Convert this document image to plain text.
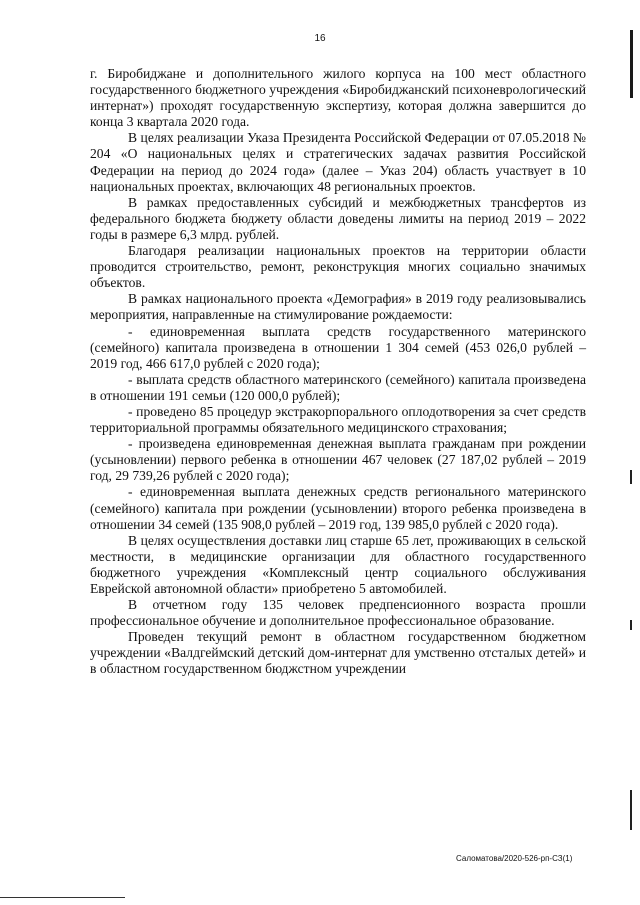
16

г. Биробиджане и дополнительного жилого корпуса на 100 мест областного государственного бюджетного учреждения «Биробиджанский психоневрологический интернат») проходят государственную экспертизу, которая должна завершится до конца 3 квартала 2020 года.

В целях реализации Указа Президента Российской Федерации от 07.05.2018 № 204 «О национальных целях и стратегических задачах развития Российской Федерации на период до 2024 года» (далее – Указ 204) область участвует в 10 национальных проектах, включающих 48 региональных проектов.

В рамках предоставленных субсидий и межбюджетных трансфертов из федерального бюджета бюджету области доведены лимиты на период 2019 – 2022 годы в размере 6,3 млрд. рублей.

Благодаря реализации национальных проектов на территории области проводится строительство, ремонт, реконструкция многих социально значимых объектов.

В рамках национального проекта «Демография» в 2019 году реализовывались мероприятия, направленные на стимулирование рождаемости:

- единовременная выплата средств государственного материнского (семейного) капитала произведена в отношении 1 304 семей (453 026,0 рублей – 2019 год, 466 617,0 рублей с 2020 года);

- выплата средств областного материнского (семейного) капитала произведена в отношении 191 семьи (120 000,0 рублей);

- проведено 85 процедур экстракорпорального оплодотворения за счет средств территориальной программы обязательного медицинского страхования;

- произведена единовременная денежная выплата гражданам при рождении (усыновлении) первого ребенка в отношении 467 человек (27 187,02 рублей – 2019 год, 29 739,26 рублей с 2020 года);

- единовременная выплата денежных средств регионального материнского (семейного) капитала при рождении (усыновлении) второго ребенка произведена в отношении 34 семей (135 908,0 рублей – 2019 год, 139 985,0 рублей с 2020 года).

В целях осуществления доставки лиц старше 65 лет, проживающих в сельской местности, в медицинские организации для областного государственного бюджетного учреждения «Комплексный центр социального обслуживания Еврейской автономной области» приобретено 5 автомобилей.

В отчетном году 135 человек предпенсионного возраста прошли профессиональное обучение и дополнительное профессиональное образование.

Проведен текущий ремонт в областном государственном бюджетном учреждении «Валдгеймский детский дом-интернат для умственно отсталых детей» и в областном государственном бюджстном учреждении

Саломатова/2020-526-рп-СЗ(1)
